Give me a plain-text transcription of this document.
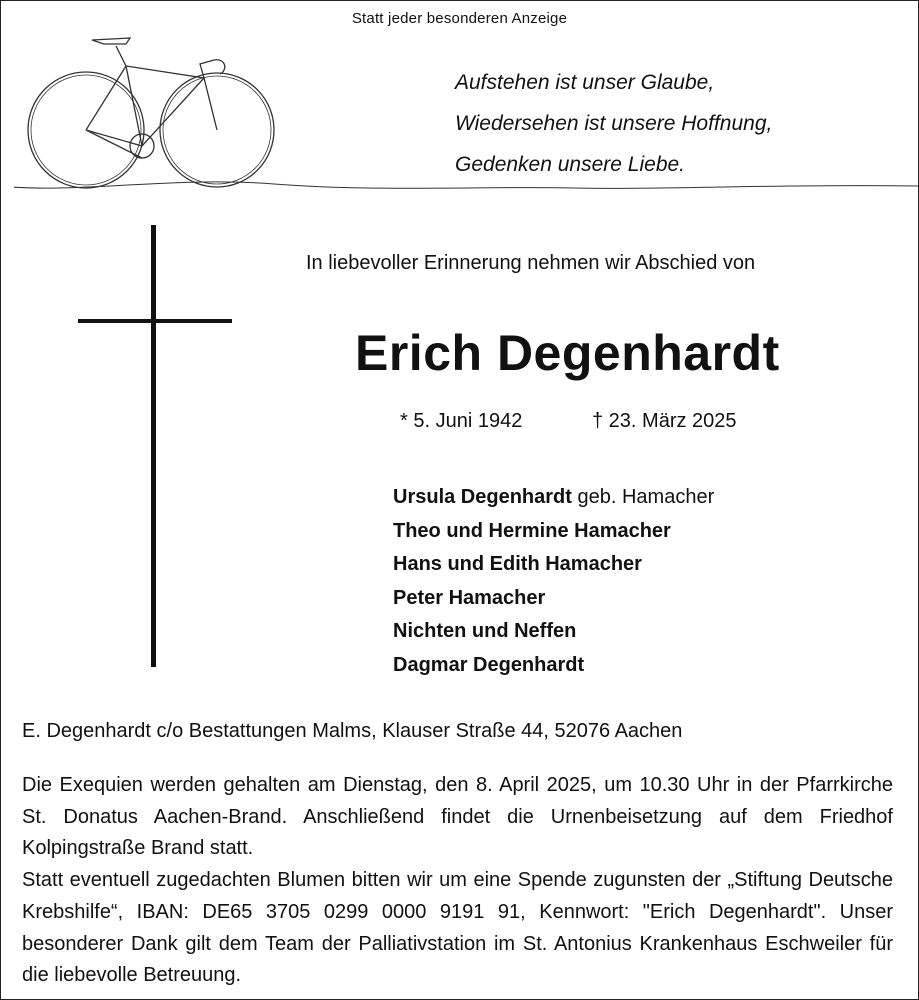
Statt jeder besonderen Anzeige
Aufstehen ist unser Glaube,
Wiedersehen ist unsere Hoffnung,
Gedenken unsere Liebe.
In liebevoller Erinnerung nehmen wir Abschied von
Erich Degenhardt
* 5. Juni 1942	† 23. März 2025
Ursula Degenhardt geb. Hamacher
Theo und Hermine Hamacher
Hans und Edith Hamacher
Peter Hamacher
Nichten und Neffen
Dagmar Degenhardt
E. Degenhardt c/o Bestattungen Malms, Klauser Straße 44, 52076 Aachen

Die Exequien werden gehalten am Dienstag, den 8. April 2025, um 10.30 Uhr in der Pfarrkirche St. Donatus Aachen-Brand. Anschließend findet die Urnenbeisetzung auf dem Friedhof Kolpingstraße Brand statt.

Statt eventuell zugedachten Blumen bitten wir um eine Spende zugunsten der „Stiftung Deutsche Krebshilfe“, IBAN: DE65 3705 0299 0000 9191 91, Kennwort: "Erich Degenhardt". Unser besonderer Dank gilt dem Team der Palliativstation im St. Antonius Krankenhaus Eschweiler für die liebevolle Betreuung.
